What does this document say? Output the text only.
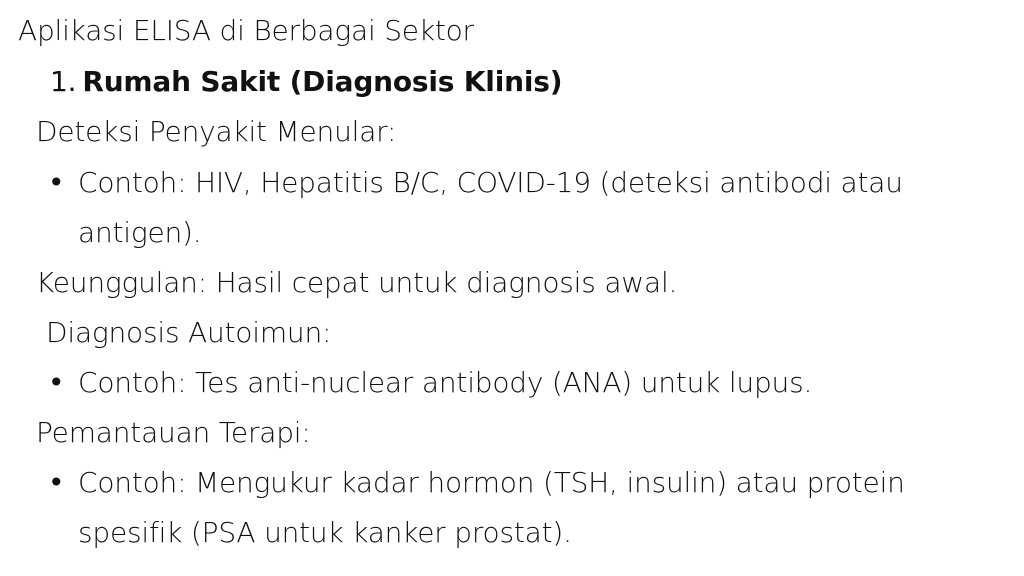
Aplikasi ELISA di Berbagai Sektor
1. Rumah Sakit (Diagnosis Klinis)
Deteksi Penyakit Menular:
• Contoh: HIV, Hepatitis B/C, COVID-19 (deteksi antibodi atau
antigen).
Keunggulan: Hasil cepat untuk diagnosis awal.
Diagnosis Autoimun:
• Contoh: Tes anti-nuclear antibody (ANA) untuk lupus.
Pemantauan Terapi:
• Contoh: Mengukur kadar hormon (TSH, insulin) atau protein
spesifik (PSA untuk kanker prostat).
